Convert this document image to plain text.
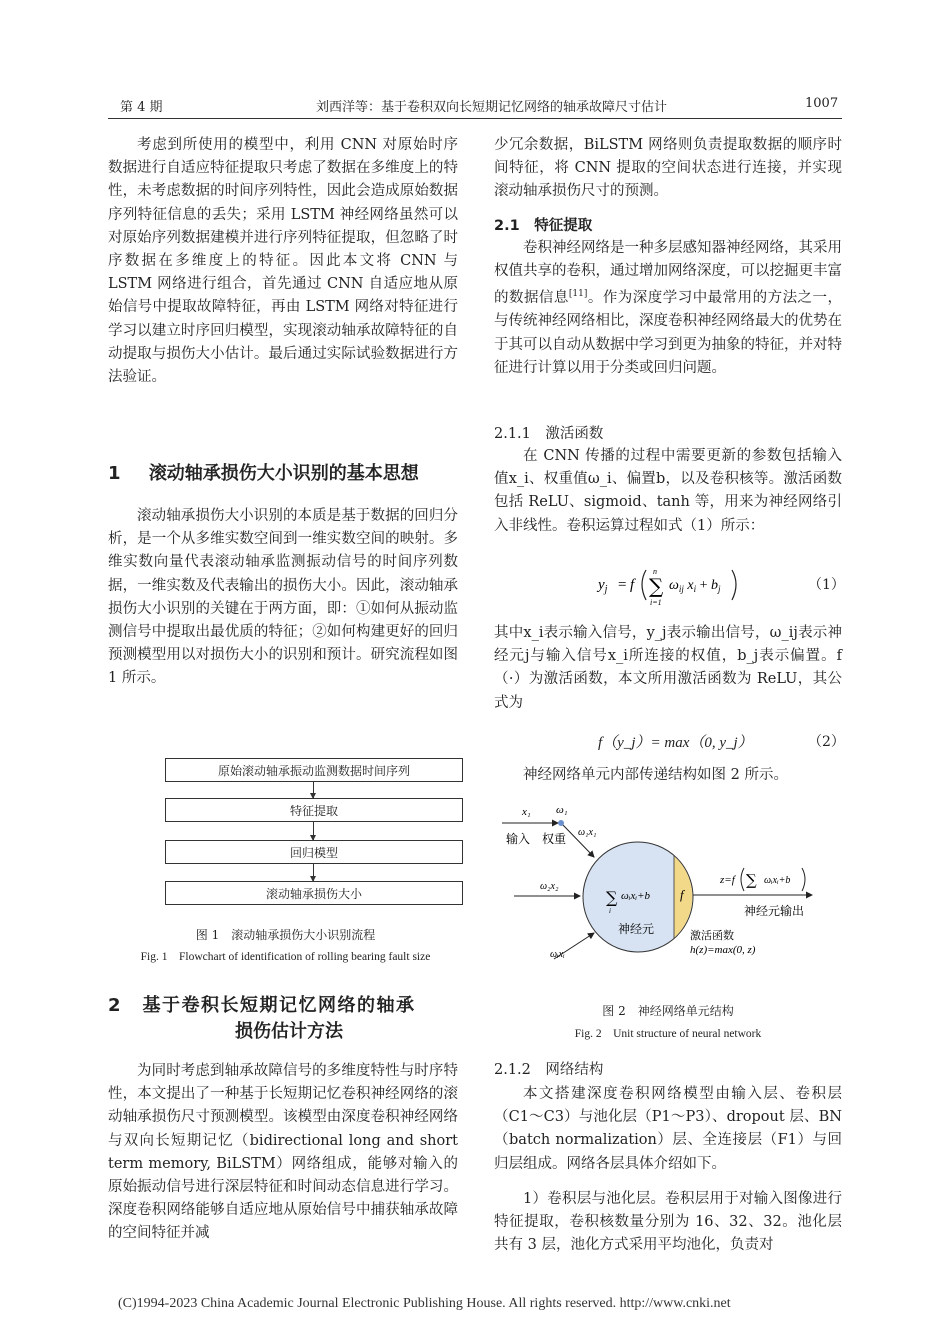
第 4 期	刘西洋等：基于卷积双向长短期记忆网络的轴承故障尺寸估计	1007

考虑到所使用的模型中，利用 CNN 对原始时序数据进行自适应特征提取只考虑了数据在多维度上的特性，未考虑数据的时间序列特性，因此会造成原始数据序列特征信息的丢失；采用 LSTM 神经网络虽然可以对原始序列数据建模并进行序列特征提取，但忽略了时序数据在多维度上的特征。因此本文将 CNN 与 LSTM 网络进行组合，首先通过 CNN 自适应地从原始信号中提取故障特征，再由 LSTM 网络对特征进行学习以建立时序回归模型，实现滚动轴承故障特征的自动提取与损伤大小估计。最后通过实际试验数据进行方法验证。

1 滚动轴承损伤大小识别的基本思想

滚动轴承损伤大小识别的本质是基于数据的回归分析，是一个从多维实数空间到一维实数空间的映射。多维实数向量代表滚动轴承监测振动信号的时间序列数据，一维实数及代表输出的损伤大小。因此，滚动轴承损伤大小识别的关键在于两方面，即：①如何从振动监测信号中提取出最优质的特征；②如何构建更好的回归预测模型用以对损伤大小的识别和预计。研究流程如图 1 所示。

原始滚动轴承振动监测数据时间序列
特征提取
回归模型
滚动轴承损伤大小
图 1　滚动轴承损伤大小识别流程
Fig. 1　Flowchart of identification of rolling bearing fault size
2 基于卷积长短期记忆网络的轴承
损伤估计方法

为同时考虑到轴承故障信号的多维度特性与时序特性，本文提出了一种基于长短期记忆卷积神经网络的滚动轴承损伤尺寸预测模型。该模型由深度卷积神经网络与双向长短期记忆（bidirectional long and short term memory, BiLSTM）网络组成，能够对输入的原始振动信号进行深层特征和时间动态信息进行学习。深度卷积网络能够自适应地从原始信号中捕获轴承故障的空间特征并减

少冗余数据，BiLSTM 网络则负责提取数据的顺序时间特征，将 CNN 提取的空间状态进行连接，并实现滚动轴承损伤尺寸的预测。

2.1 特征提取

卷积神经网络是一种多层感知器神经网络，其采用权值共享的卷积，通过增加网络深度，可以挖掘更丰富的数据信息[11]。作为深度学习中最常用的方法之一，与传统神经网络相比，深度卷积神经网络最大的优势在于其可以自动从数据中学习到更为抽象的特征，并对特征进行计算以用于分类或回归问题。

2.1.1　激活函数

在 CNN 传播的过程中需要更新的参数包括输入值x_i、权重值ω_i、偏置b，以及卷积核等。激活函数包括 ReLU、sigmoid、tanh 等，用来为神经网络引入非线性。卷积运算过程如式（1）所示：

$y_j = f$ ∑
n
i=1
$\omega_{ij}$ $x_i + b_j$	（1）

其中x_i表示输入信号，y_j表示输出信号，ω_ij表示神经元j与输入信号x_i所连接的权值，b_j表示偏置。f（·）为激活函数，本文所用激活函数为 ReLU，其公式为

f（y_j）= max（0, y_j）	（2）

神经网络单元内部传递结构如图 2 所示。

x₁ ω₁
输入 权重 ω₁x₁
ω₂x₂
ωᵢxᵢ
∑
i
ωᵢxᵢ+b f
神经元
z=f ∑ ωᵢxᵢ+b
神经元输出
激活函数
h(z)=max(0, z)
图 2　神经网络单元结构
Fig. 2　Unit structure of neural network
2.1.2　网络结构

本文搭建深度卷积网络模型由输入层、卷积层（C1～C3）与池化层（P1～P3）、dropout 层、BN（batch normalization）层、全连接层（F1）与回归层组成。网络各层具体介绍如下。

1）卷积层与池化层。卷积层用于对输入图像进行特征提取，卷积核数量分别为 16、32、32。池化层共有 3 层，池化方式采用平均池化，负责对

(C)1994-2023 China Academic Journal Electronic Publishing House. All rights reserved. http://www.cnki.net
